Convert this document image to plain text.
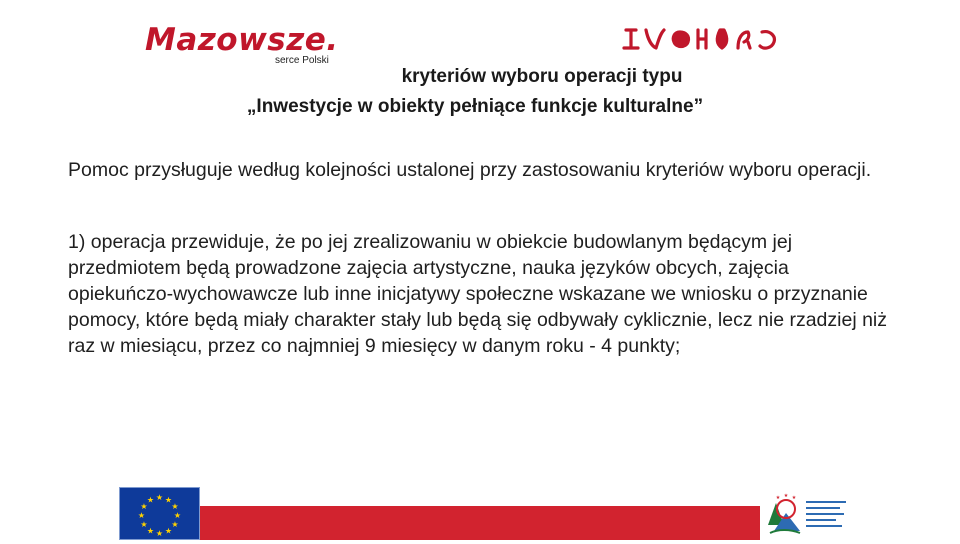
Mazowsze.
serce Polski
kryteriów wyboru operacji typu
„Inwestycje w obiekty pełniące funkcje kulturalne”
Pomoc przysługuje według kolejności ustalonej przy zastosowaniu kryteriów wyboru operacji.
1) operacja przewiduje, że po jej zrealizowaniu w obiekcie budowlanym będącym jej przedmiotem będą prowadzone zajęcia artystyczne, nauka języków obcych, zajęcia opiekuńczo-wychowawcze lub inne inicjatywy społeczne wskazane we wniosku o przyznanie pomocy, które będą miały charakter stały lub będą się odbywały cyklicznie, lecz nie rzadziej niż raz w miesiącu, przez co najmniej 9 miesięcy w danym roku - 4 punkty;
★ ★
★
★
★
★
★
★
★
★
★
★	★ ★ ★
